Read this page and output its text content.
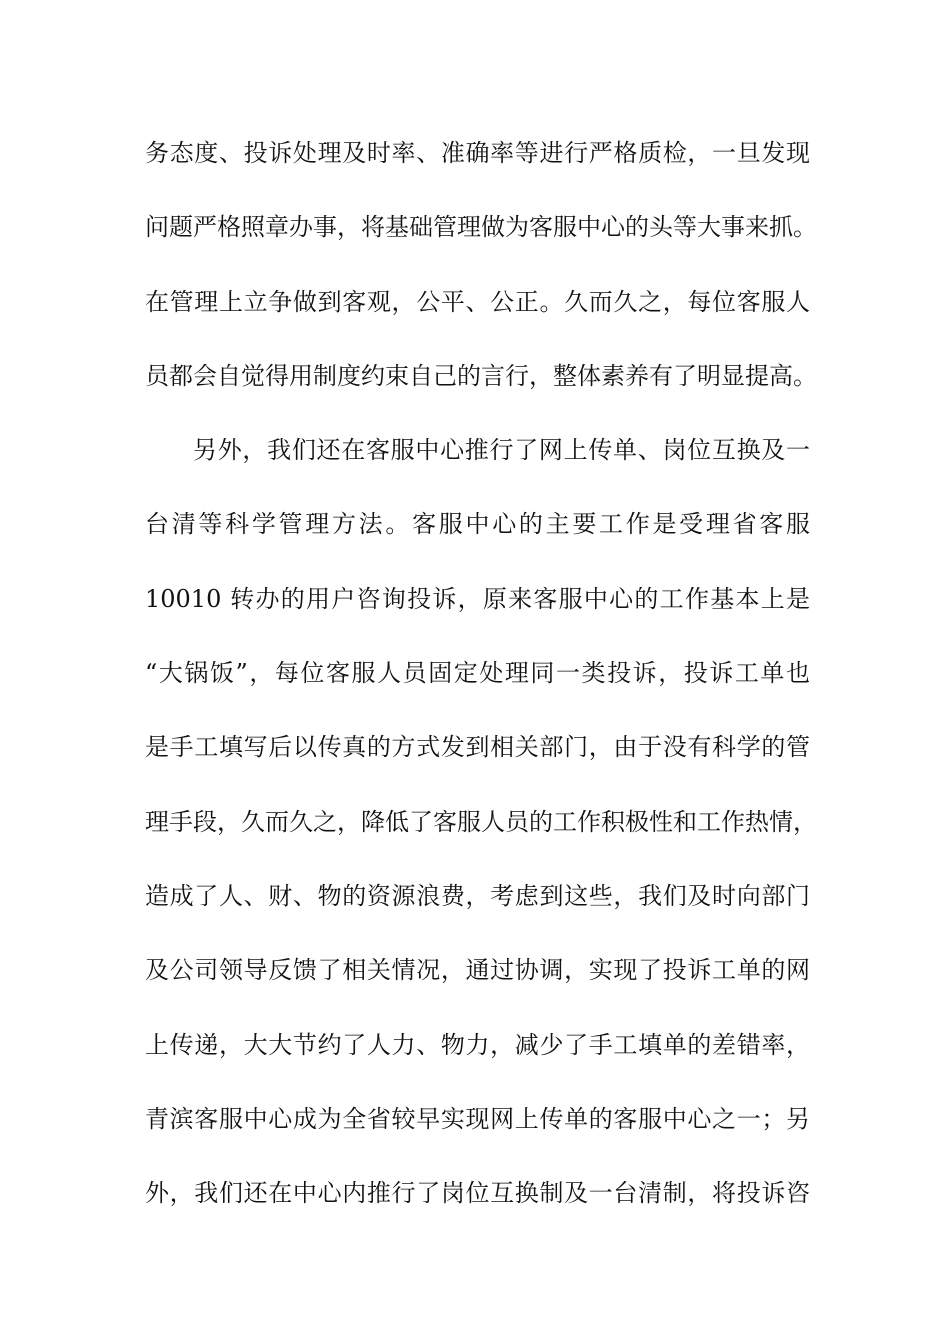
务态度、投诉处理及时率、准确率等进行严格质检，一旦发现
问题严格照章办事，将基础管理做为客服中心的头等大事来抓。
在管理上立争做到客观，公平、公正。久而久之，每位客服人
员都会自觉得用制度约束自己的言行，整体素养有了明显提高。
另外，我们还在客服中心推行了网上传单、岗位互换及一
台清等科学管理方法。客服中心的主要工作是受理省客服
10010 转办的用户咨询投诉，原来客服中心的工作基本上是
“大锅饭”，每位客服人员固定处理同一类投诉，投诉工单也
是手工填写后以传真的方式发到相关部门，由于没有科学的管
理手段，久而久之，降低了客服人员的工作积极性和工作热情，
造成了人、财、物的资源浪费，考虑到这些，我们及时向部门
及公司领导反馈了相关情况，通过协调，实现了投诉工单的网
上传递，大大节约了人力、物力，减少了手工填单的差错率，
青滨客服中心成为全省较早实现网上传单的客服中心之一；另
外，我们还在中心内推行了岗位互换制及一台清制，将投诉咨
